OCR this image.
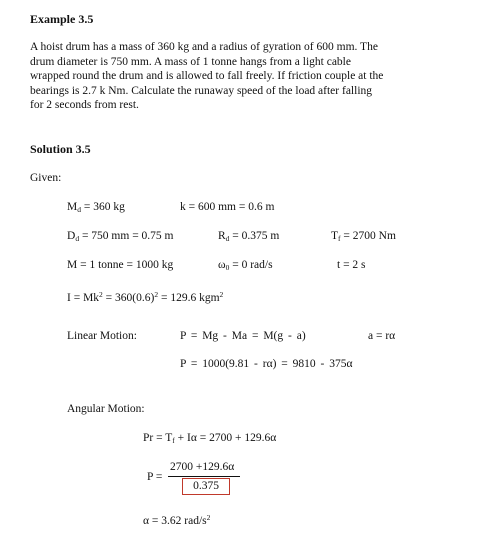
Example 3.5
A hoist drum has a mass of 360 kg and a radius of gyration of 600 mm. The
drum diameter is 750 mm. A mass of 1 tonne hangs from a light cable
wrapped round the drum and is allowed to fall freely. If friction couple at the
bearings is 2.7 k Nm. Calculate the runaway speed of the load after falling
for 2 seconds from rest.
Solution 3.5
Given:
$M_d = 360$ kg	k = 600 mm = 0.6 m
$D_d = 750$ mm = 0.75 m	$R_d = 0.375$ m	$T_f = 2700$ Nm
M = 1 tonne = 1000 kg	$\omega_0 = 0$ rad/s	t = 2 s
$I = Mk^2 = 360(0.6)^2 = 129.6$ kgm$^2$
Linear Motion:	P = Mg - Ma = M(g - a)	a = rα
P = 1000(9.81 - rα) = 9810 - 375α
Angular Motion:
$Pr = T_f + I\alpha = 2700 + 129.6\alpha$
P =
2700 +129.6α
0.375
α = 3.62 rad/$s^2$
